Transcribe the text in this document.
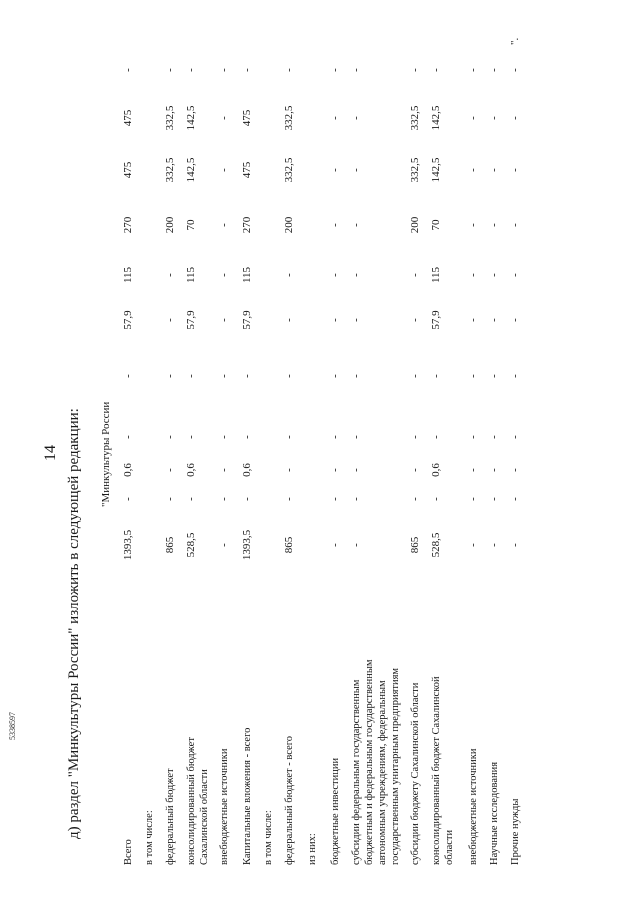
14 д) раздел "Минкультуры России" изложить в следующей редакции: "Минкультуры России
Всего
1393,5
-
0,6
-
-
57,9
115
270
475
475
-
в том числе: федеральный бюджет
865
-
-
-
-
-
-
200
332,5
332,5
-
консолидированный бюджет Сахалинской области
528,5
-
0,6
-
-
57,9
115
70
142,5
142,5
-
внебюджетные источники
-
-
-
-
-
-
-
-
-
-
-
Капитальные вложения - всего
1393,5
-
0,6
-
-
57,9
115
270
475
475
-
в том числе: федеральный бюджет - всего
865
-
-
-
-
-
-
200
332,5
332,5
-
из них: бюджетные инвестиции
-
-
-
-
-
-
-
-
-
-
-
субсидии федеральным государственным бюджетным и федеральным государственным автономным учреждениям, федеральным государственным унитарным предприятиям
-
-
-
-
-
-
-
-
-
-
-
субсидии бюджету Сахалинской области
865
-
-
-
-
-
-
200
332,5
332,5
-
консолидированный бюджет Сахалинской области
528,5
-
0,6
-
-
57,9
115
70
142,5
142,5
-
внебюджетные источники
-
-
-
-
-
-
-
-
-
-
-
Научные исследования
-
-
-
-
-
-
-
-
-
-
-
Прочие нужды
-
-
-
-
-
-
-
-
-
-
-
".
5338597
